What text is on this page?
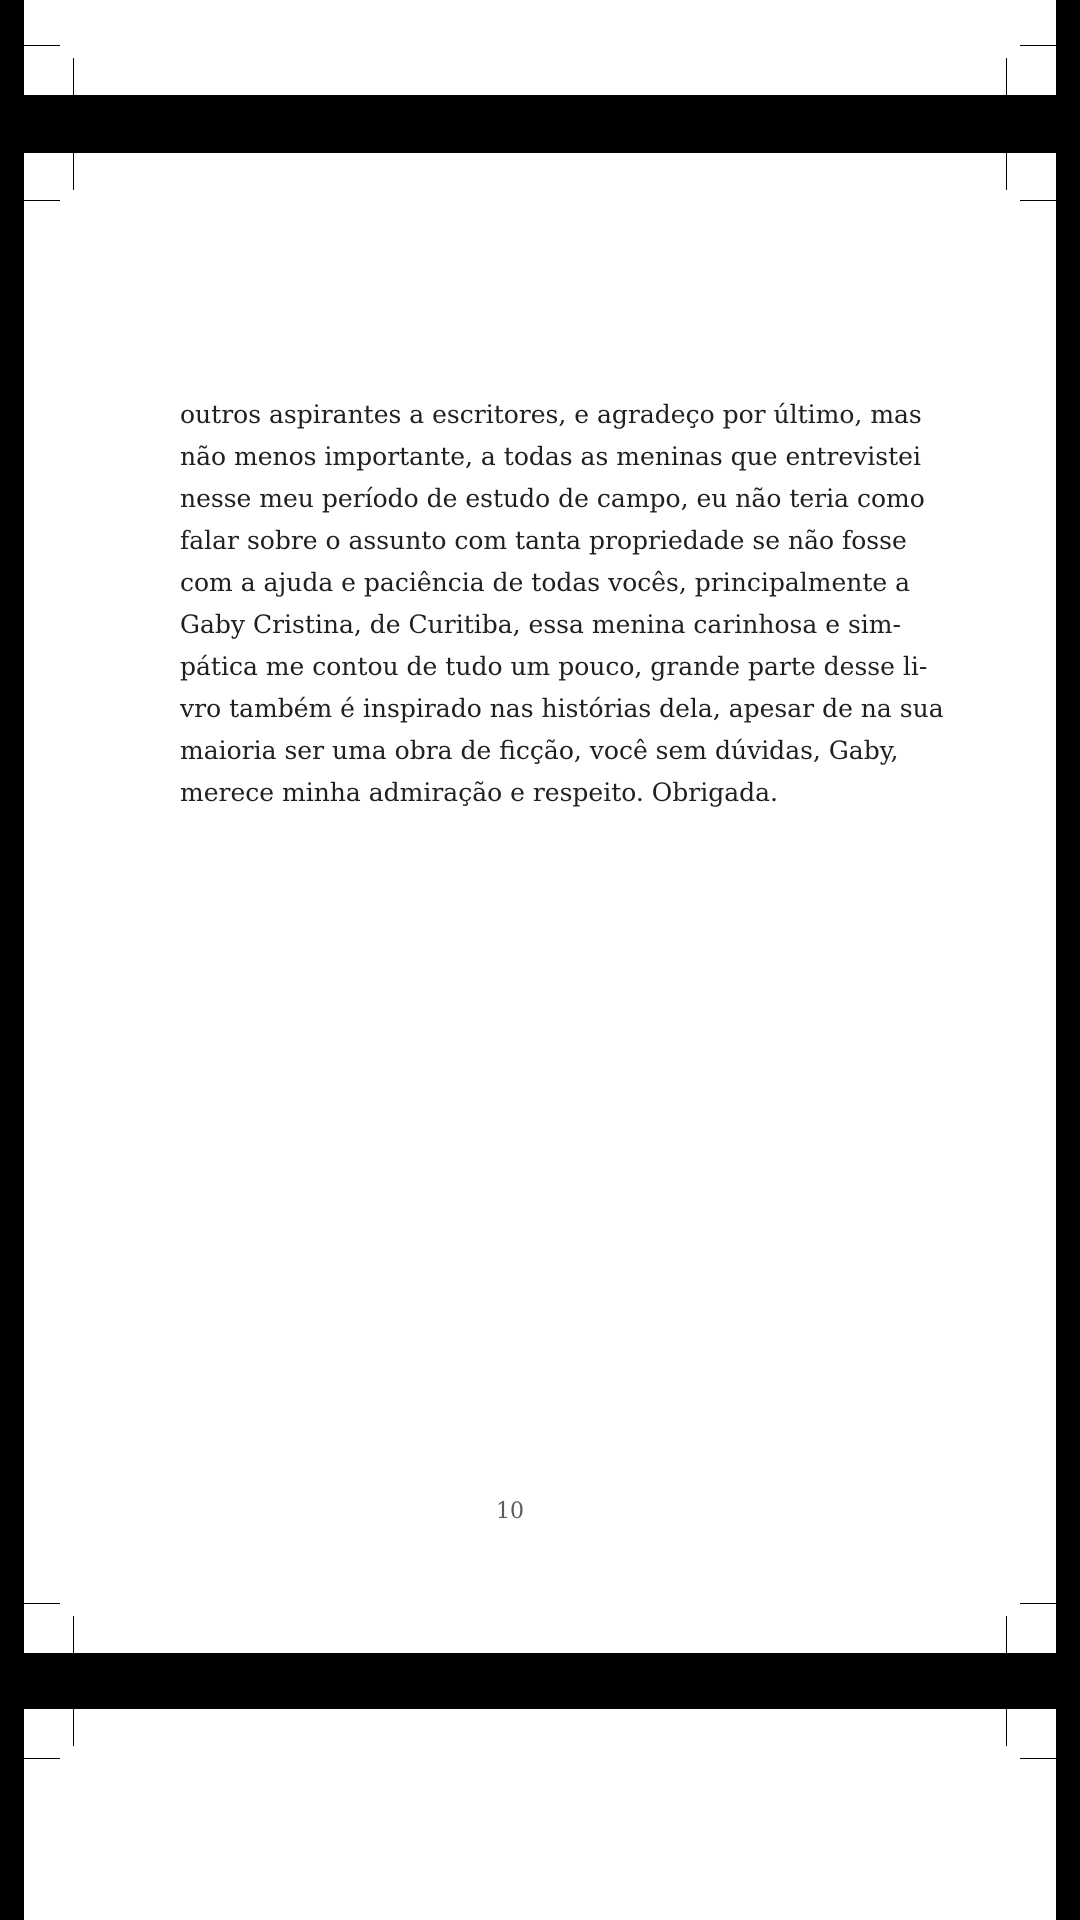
outros aspirantes a escritores, e agradeço por último, mas
não menos importante, a todas as meninas que entrevistei
nesse meu período de estudo de campo, eu não teria como
falar sobre o assunto com tanta propriedade se não fosse
com a ajuda e paciência de todas vocês, principalmente a
Gaby Cristina, de Curitiba, essa menina carinhosa e sim-
pática me contou de tudo um pouco, grande parte desse li-
vro também é inspirado nas histórias dela, apesar de na sua
maioria ser uma obra de ficção, você sem dúvidas, Gaby,
merece minha admiração e respeito. Obrigada.
10
